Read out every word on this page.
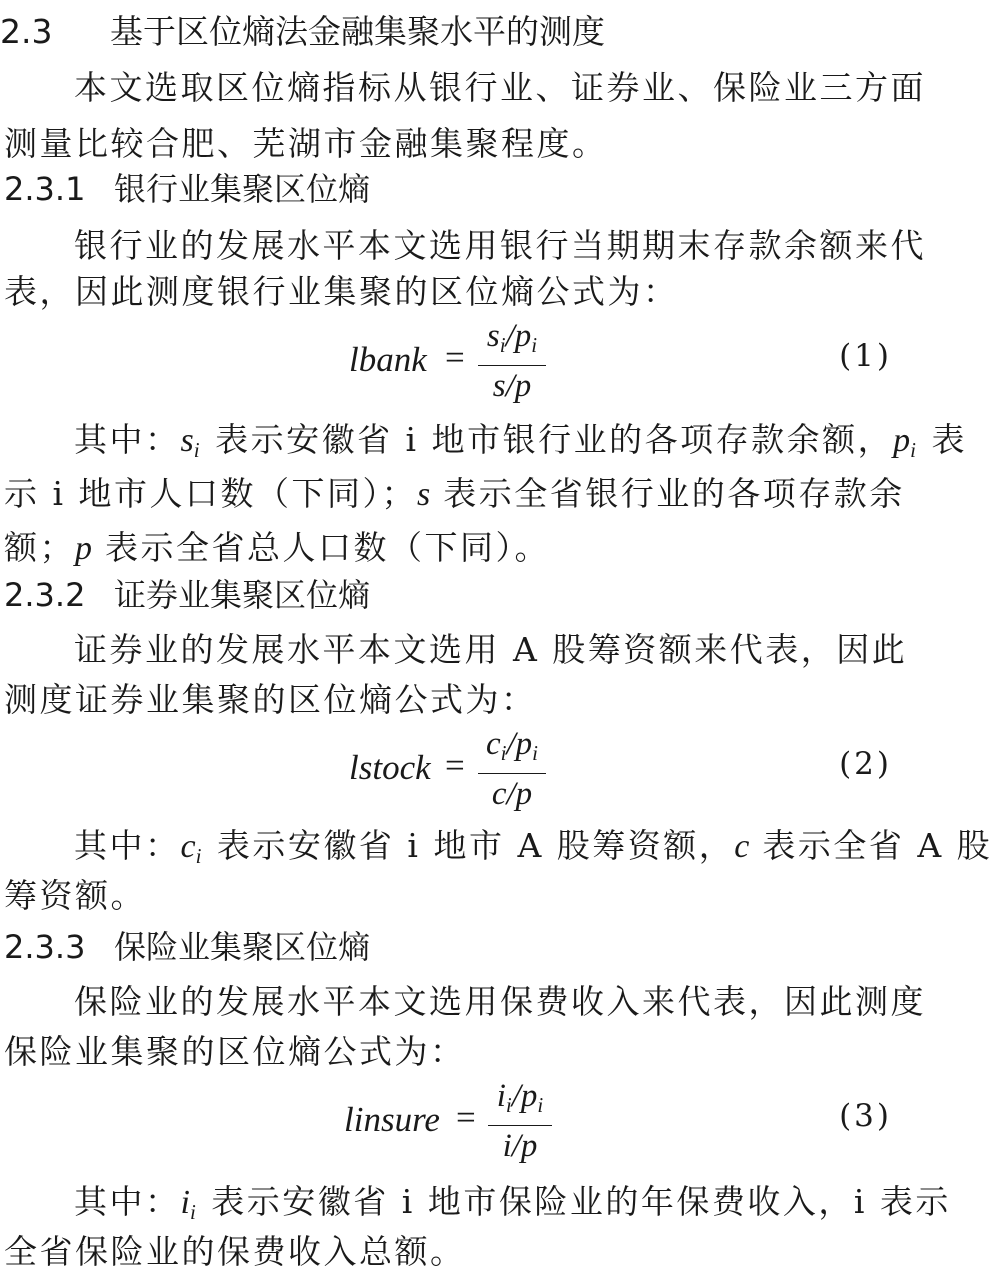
2.3 基于区位熵法金融集聚水平的测度
本文选取区位熵指标从银行业、证券业、保险业三方面
测量比较合肥、芜湖市金融集聚程度。
2.3.1 银行业集聚区位熵
银行业的发展水平本文选用银行当期期末存款余额来代
表，因此测度银行业集聚的区位熵公式为：
lbank =
$s_i/p_i$
s/p
(1)
其中：$s_i$ 表示安徽省 i 地市银行业的各项存款余额，$p_i$ 表
示 i 地市人口数（下同）；s 表示全省银行业的各项存款余
额；p 表示全省总人口数（下同）。
2.3.2 证券业集聚区位熵
证券业的发展水平本文选用 A 股筹资额来代表，因此
测度证券业集聚的区位熵公式为：
lstock =
$c_i/p_i$
c/p
(2)
其中：$c_i$ 表示安徽省 i 地市 A 股筹资额，c 表示全省 A 股
筹资额。
2.3.3 保险业集聚区位熵
保险业的发展水平本文选用保费收入来代表，因此测度
保险业集聚的区位熵公式为：
linsure =
$i_i/p_i$
i/p
(3)
其中：$i_i$ 表示安徽省 i 地市保险业的年保费收入，i 表示
全省保险业的保费收入总额。
